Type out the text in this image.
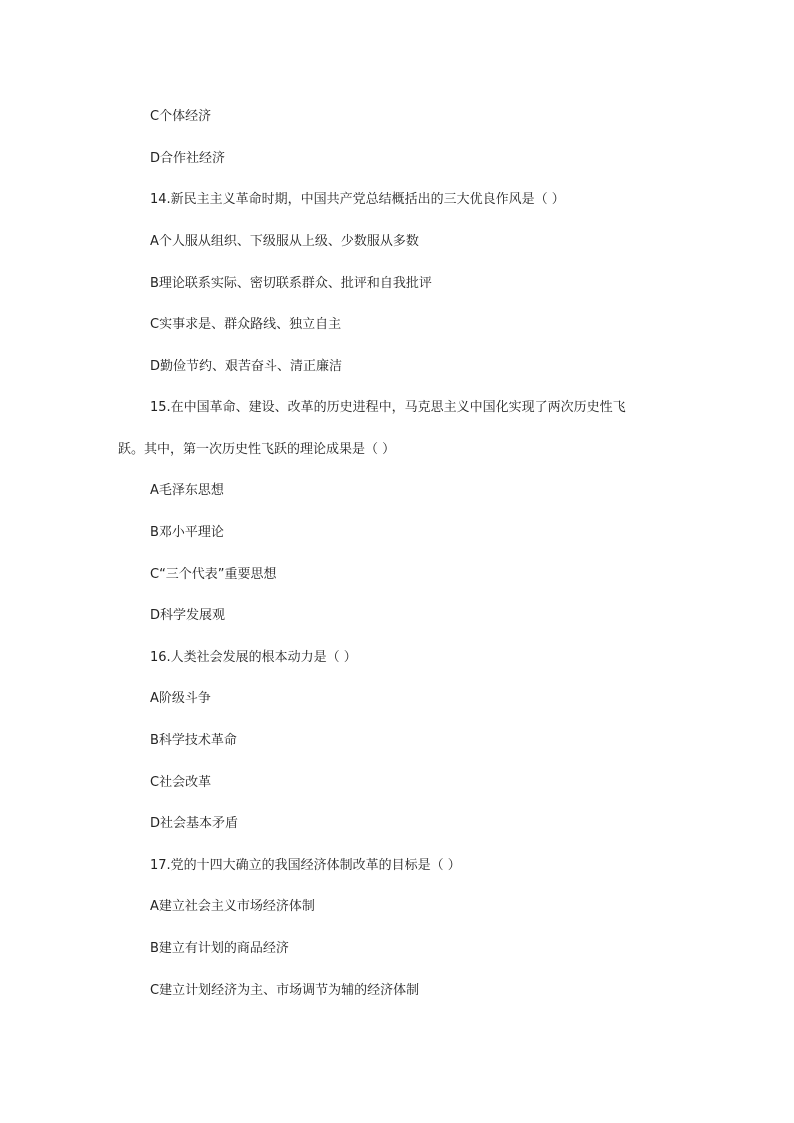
C个体经济
D合作社经济
14.新民主主义革命时期，中国共产党总结概括出的三大优良作风是（ ）
A个人服从组织、下级服从上级、少数服从多数
B理论联系实际、密切联系群众、批评和自我批评
C实事求是、群众路线、独立自主
D勤俭节约、艰苦奋斗、清正廉洁
15.在中国革命、建设、改革的历史进程中，马克思主义中国化实现了两次历史性飞
跃。其中，第一次历史性飞跃的理论成果是（ ）
A毛泽东思想
B邓小平理论
C“三个代表”重要思想
D科学发展观
16.人类社会发展的根本动力是（ ）
A阶级斗争
B科学技术革命
C社会改革
D社会基本矛盾
17.党的十四大确立的我国经济体制改革的目标是（ ）
A建立社会主义市场经济体制
B建立有计划的商品经济
C建立计划经济为主、市场调节为辅的经济体制
